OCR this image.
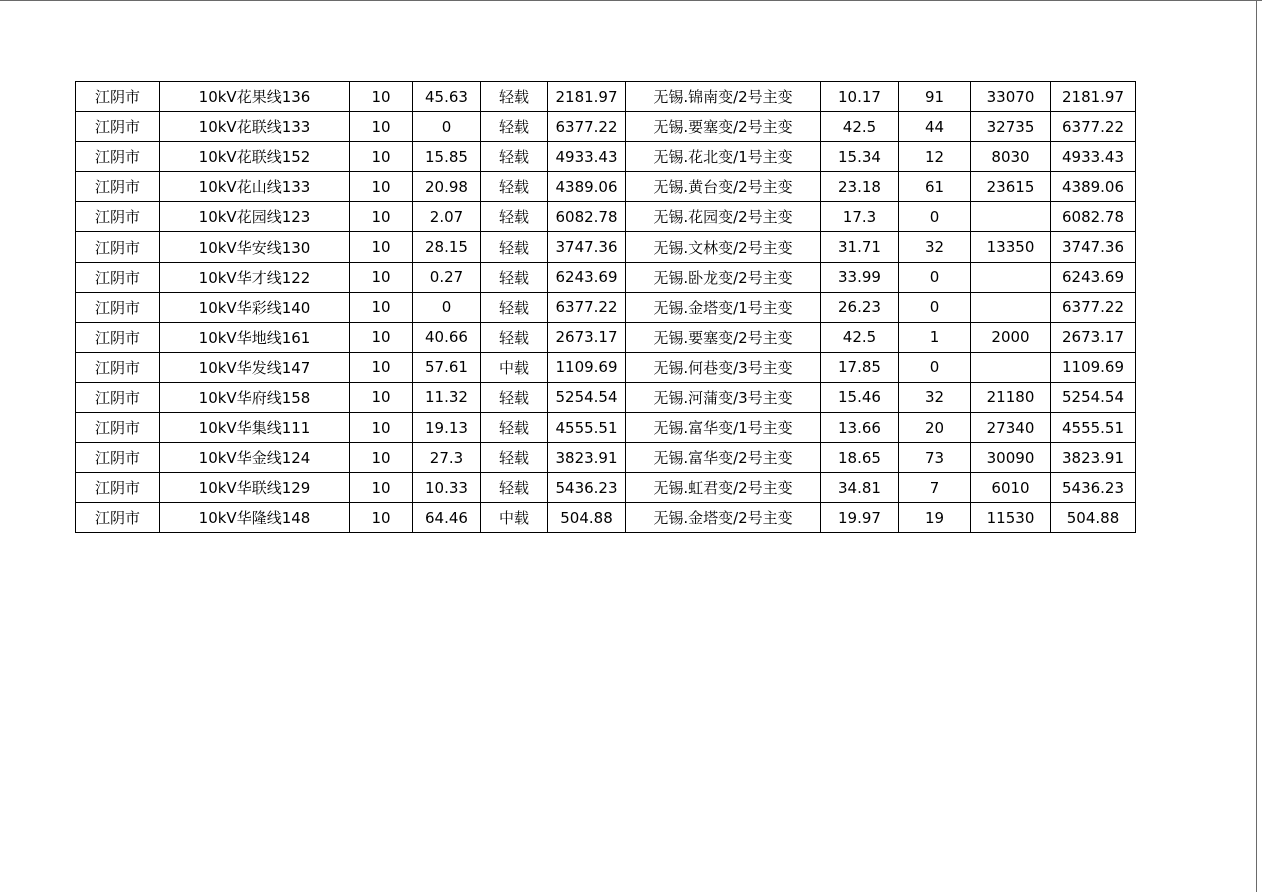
江阴市	10kV花果线136	10	45.63	轻载	2181.97	无锡.锦南变/2号主变	10.17	91	33070	2181.97
江阴市	10kV花联线133	10	0	轻载	6377.22	无锡.要塞变/2号主变	42.5	44	32735	6377.22
江阴市	10kV花联线152	10	15.85	轻载	4933.43	无锡.花北变/1号主变	15.34	12	8030	4933.43
江阴市	10kV花山线133	10	20.98	轻载	4389.06	无锡.黄台变/2号主变	23.18	61	23615	4389.06
江阴市	10kV花园线123	10	2.07	轻载	6082.78	无锡.花园变/2号主变	17.3	0		6082.78
江阴市	10kV华安线130	10	28.15	轻载	3747.36	无锡.文林变/2号主变	31.71	32	13350	3747.36
江阴市	10kV华才线122	10	0.27	轻载	6243.69	无锡.卧龙变/2号主变	33.99	0		6243.69
江阴市	10kV华彩线140	10	0	轻载	6377.22	无锡.金塔变/1号主变	26.23	0		6377.22
江阴市	10kV华地线161	10	40.66	轻载	2673.17	无锡.要塞变/2号主变	42.5	1	2000	2673.17
江阴市	10kV华发线147	10	57.61	中载	1109.69	无锡.何巷变/3号主变	17.85	0		1109.69
江阴市	10kV华府线158	10	11.32	轻载	5254.54	无锡.河蒲变/3号主变	15.46	32	21180	5254.54
江阴市	10kV华集线111	10	19.13	轻载	4555.51	无锡.富华变/1号主变	13.66	20	27340	4555.51
江阴市	10kV华金线124	10	27.3	轻载	3823.91	无锡.富华变/2号主变	18.65	73	30090	3823.91
江阴市	10kV华联线129	10	10.33	轻载	5436.23	无锡.虹君变/2号主变	34.81	7	6010	5436.23
江阴市	10kV华隆线148	10	64.46	中载	504.88	无锡.金塔变/2号主变	19.97	19	11530	504.88
